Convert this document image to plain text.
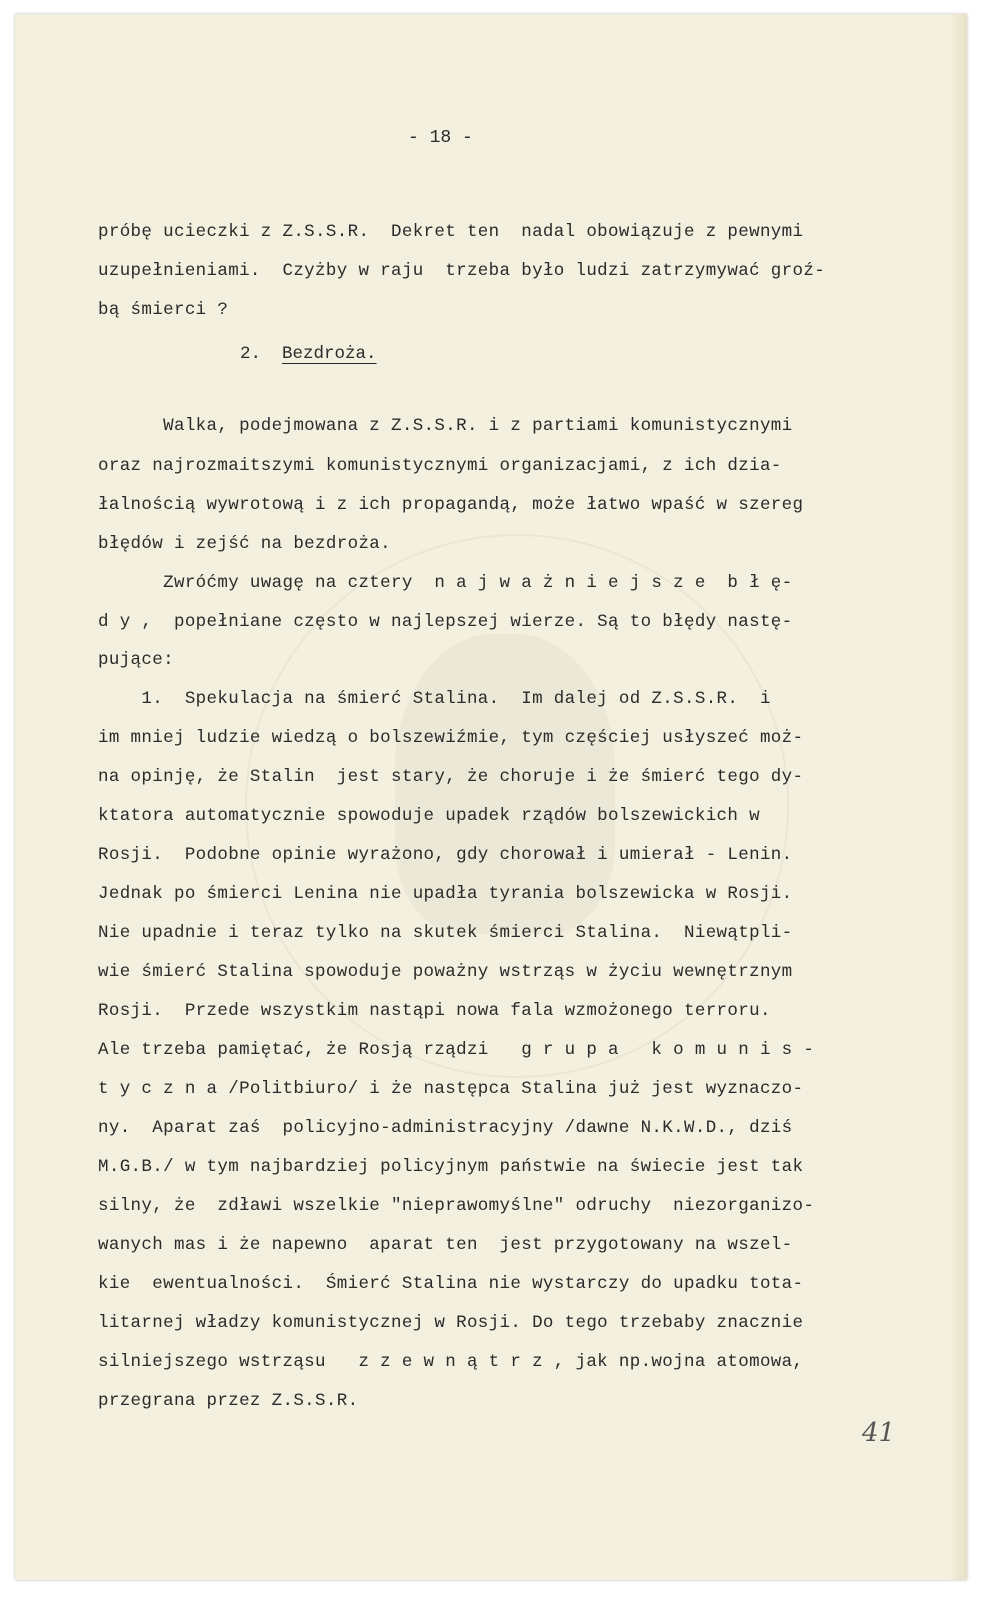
- 18 -
próbę ucieczki z Z.S.S.R.  Dekret ten  nadal obowiązuje z pewnymi
uzupełnieniami.  Czyżby w raju  trzeba było ludzi zatrzymywać groź-
bą śmierci ?
2. Bezdroża.
Walka, podejmowana z Z.S.S.R. i z partiami komunistycznymi
oraz najrozmaitszymi komunistycznymi organizacjami, z ich dzia-
łalnością wywrotową i z ich propagandą, może łatwo wpaść w szereg
błędów i zejść na bezdroża.
Zwróćmy uwagę na cztery  n a j w a ż n i e j s z e  b ł ę-
d y ,  popełniane często w najlepszej wierze. Są to błędy nastę-
pujące:
1.  Spekulacja na śmierć Stalina.  Im dalej od Z.S.S.R.  i
im mniej ludzie wiedzą o bolszewiźmie, tym częściej usłyszeć moż-
na opinję, że Stalin  jest stary, że choruje i że śmierć tego dy-
ktatora automatycznie spowoduje upadek rządów bolszewickich w
Rosji.  Podobne opinie wyrażono, gdy chorował i umierał - Lenin.
Jednak po śmierci Lenina nie upadła tyrania bolszewicka w Rosji.
Nie upadnie i teraz tylko na skutek śmierci Stalina.  Niewątpli-
wie śmierć Stalina spowoduje poważny wstrząs w życiu wewnętrznym
Rosji.  Przede wszystkim nastąpi nowa fala wzmożonego terroru.
Ale trzeba pamiętać, że Rosją rządzi   g r u p a   k o m u n i s -
t y c z n a /Politbiuro/ i że następca Stalina już jest wyznaczo-
ny.  Aparat zaś  policyjno-administracyjny /dawne N.K.W.D., dziś
M.G.B./ w tym najbardziej policyjnym państwie na świecie jest tak
silny, że  zdławi wszelkie "nieprawomyślne" odruchy  niezorganizo-
wanych mas i że napewno  aparat ten  jest przygotowany na wszel-
kie  ewentualności.  Śmierć Stalina nie wystarczy do upadku tota-
litarnej władzy komunistycznej w Rosji. Do tego trzebaby znacznie
silniejszego wstrząsu   z z e w n ą t r z , jak np.wojna atomowa,
przegrana przez Z.S.S.R.
41
